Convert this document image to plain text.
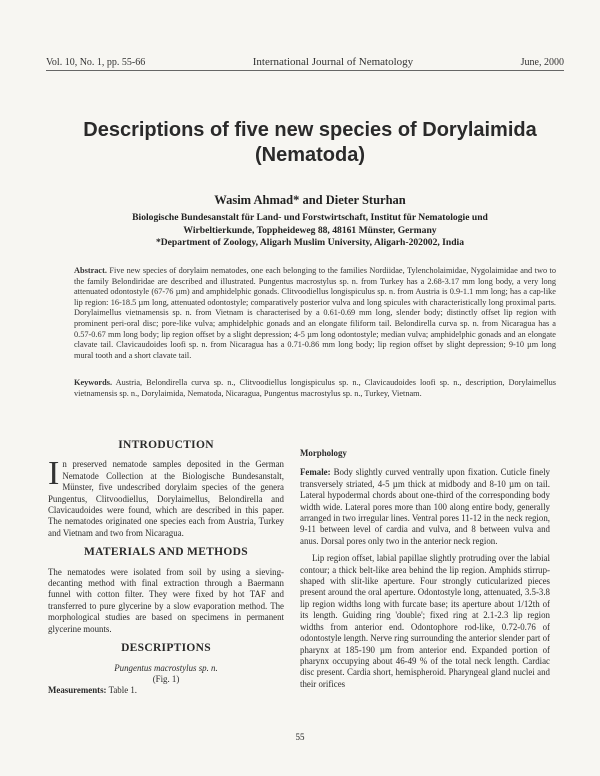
Vol. 10, No. 1, pp. 55-66	International Journal of Nematology	June, 2000
Descriptions of five new species of Dorylaimida
(Nematoda)
Wasim Ahmad* and Dieter Sturhan
Biologische Bundesanstalt für Land- und Forstwirtschaft, Institut für Nematologie und
Wirbeltierkunde, Toppheideweg 88, 48161 Münster, Germany
*Department of Zoology, Aligarh Muslim University, Aligarh-202002, India
Abstract. Five new species of dorylaim nematodes, one each belonging to the families Nordiidae, Tylencholaimidae, Nygolaimidae and two to the family Belondiridae are described and illustrated. Pungentus macrostylus sp. n. from Turkey has a 2.68-3.17 mm long body, a very long attenuated odontostyle (67-76 µm) and amphidelphic gonads. Clitvoodiellus longispiculus sp. n. from Austria is 0.9-1.1 mm long; has a cap-like lip region: 16-18.5 µm long, attenuated odontostyle; comparatively posterior vulva and long spicules with characteristically long proximal parts. Dorylaimellus vietnamensis sp. n. from Vietnam is characterised by a 0.61-0.69 mm long, slender body; distinctly offset lip region with prominent peri-oral disc; pore-like vulva; amphidelphic gonads and an elongate filiform tail. Belondirella curva sp. n. from Nicaragua has a 0.57-0.67 mm long body; lip region offset by a slight depression; 4-5 µm long odontostyle; median vulva; amphidelphic gonads and an elongate clavate tail. Clavicaudoides loofi sp. n. from Nicaragua has a 0.71-0.86 mm long body; lip region offset by slight depression; 9-10 µm long mural tooth and a short clavate tail.
Keywords. Austria, Belondirella curva sp. n., Clitvoodiellus longispiculus sp. n., Clavicaudoides loofi sp. n., description, Dorylaimellus vietnamensis sp. n., Dorylaimida, Nematoda, Nicaragua, Pungentus macrostylus sp. n., Turkey, Vietnam.
INTRODUCTION

In preserved nematode samples deposited in the German Nematode Collection at the Biologische Bundesanstalt, Münster, five undescribed dorylaim species of the genera Pungentus, Clitvoodiellus, Dorylaimellus, Belondirella and Clavicaudoides were found, which are described in this paper. The nematodes originated one species each from Austria, Turkey and Vietnam and two from Nicaragua.

MATERIALS AND METHODS

The nematodes were isolated from soil by using a sieving-decanting method with final extraction through a Baermann funnel with cotton filter. They were fixed by hot TAF and transferred to pure glycerine by a slow evaporation method. The morphological studies are based on specimens in permanent glycerine mounts.

DESCRIPTIONS
Pungentus macrostylus sp. n.
(Fig. 1)
Measurements: Table 1.
Morphology

Female: Body slightly curved ventrally upon fixation. Cuticle finely transversely striated, 4-5 µm thick at midbody and 8-10 µm on tail. Lateral hypodermal chords about one-third of the corresponding body width wide. Lateral pores more than 100 along entire body, generally arranged in two irregular lines. Ventral pores 11-12 in the neck region, 9-11 between level of cardia and vulva, and 8 between vulva and anus. Dorsal pores only two in the anterior neck region.

Lip region offset, labial papillae slightly protruding over the labial contour; a thick belt-like area behind the lip region. Amphids stirrup-shaped with slit-like aperture. Four strongly cuticularized pieces present around the oral aperture. Odontostyle long, attenuated, 3.5-3.8 lip region widths long with furcate base; its aperture about 1/12th of its length. Guiding ring 'double'; fixed ring at 2.1-2.3 lip region widths from anterior end. Odontophore rod-like, 0.72-0.76 of odontostyle length. Nerve ring surrounding the anterior slender part of pharynx at 185-190 µm from anterior end. Expanded portion of pharynx occupying about 46-49 % of the total neck length. Cardiac disc present. Cardia short, hemispheroid. Pharyngeal gland nuclei and their orifices

55
